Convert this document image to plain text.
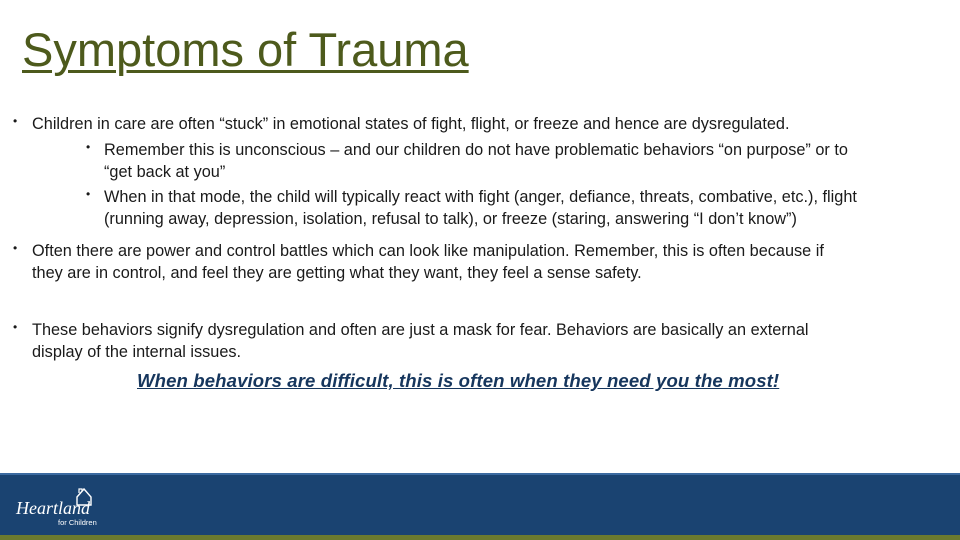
Symptoms of Trauma
• Children in care are often “stuck” in emotional states of fight, flight, or freeze and hence are dysregulated.
• Remember this is unconscious – and our children do not have problematic behaviors “on purpose” or to
“get back at you”
• When in that mode, the child will typically react with fight (anger, defiance, threats, combative, etc.), flight
(running away, depression, isolation, refusal to talk), or freeze (staring, answering “I don’t know”)
• Often there are power and control battles which can look like manipulation. Remember, this is often because if
they are in control, and feel they are getting what they want, they feel a sense safety.
• These behaviors signify dysregulation and often are just a mask for fear. Behaviors are basically an external
display of the internal issues.
When behaviors are difficult, this is often when they need you the most!
Heartland
for Children
